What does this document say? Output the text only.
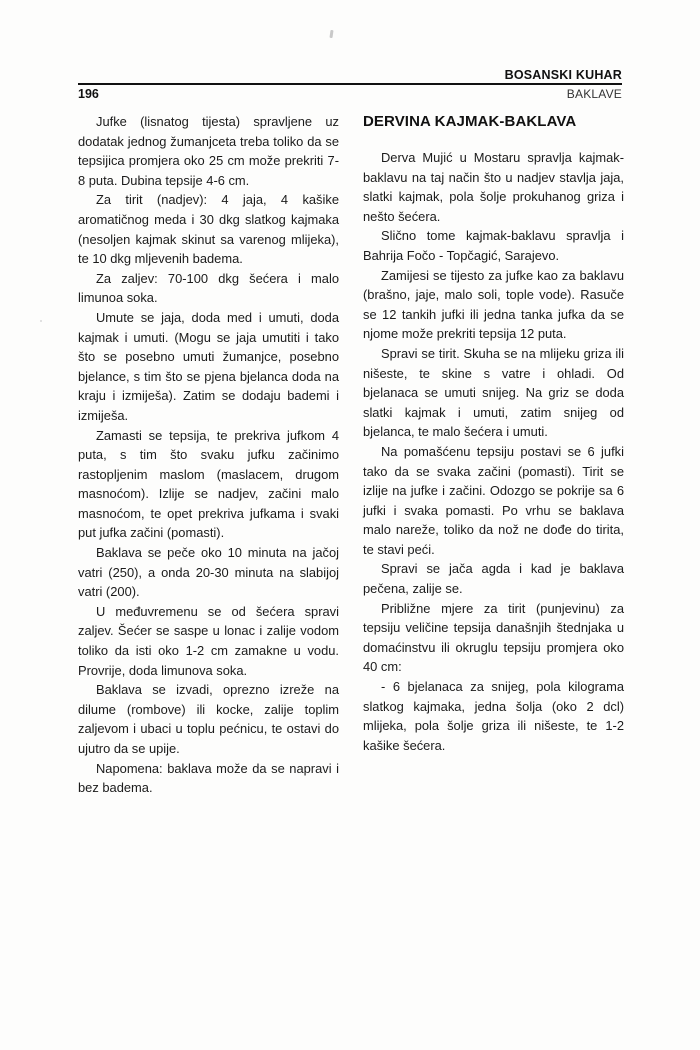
BOSANSKI KUHAR
196	BAKLAVE

Jufke (lisnatog tijesta) spravljene uz dodatak jednog žumanjceta treba toliko da se tepsijica promjera oko 25 cm može prekriti 7-8 puta. Dubina tepsije 4-6 cm.

Za tirit (nadjev): 4 jaja, 4 kašike aromatičnog meda i 30 dkg slatkog kajmaka (nesoljen kajmak skinut sa varenog mlijeka), te 10 dkg mljevenih badema.

Za zaljev: 70-100 dkg šećera i malo limunoa soka.

Umute se jaja, doda med i umuti, doda kajmak i umuti. (Mogu se jaja umutiti i tako što se posebno umuti žumanjce, posebno bjelance, s tim što se pjena bjelanca doda na kraju i izmiješa). Zatim se dodaju bademi i izmiješa.

Zamasti se tepsija, te prekriva jufkom 4 puta, s tim što svaku jufku začinimo rastopljenim maslom (maslacem, drugom masnoćom). Izlije se nadjev, začini malo masnoćom, te opet prekriva jufkama i svaki put jufka začini (pomasti).

Baklava se peče oko 10 minuta na jačoj vatri (250), a onda 20-30 minuta na slabijoj vatri (200).

U međuvremenu se od šećera spravi zaljev. Šećer se saspe u lonac i zalije vodom toliko da isti oko 1-2 cm zamakne u vodu. Provrije, doda limunova soka.

Baklava se izvadi, oprezno izreže na dilume (rombove) ili kocke, zalije toplim zaljevom i ubaci u toplu pećnicu, te ostavi do ujutro da se upije.

Napomena: baklava može da se napravi i bez badema.

DERVINA KAJMAK-BAKLAVA

Derva Mujić u Mostaru spravlja kajmak-baklavu na taj način što u nadjev stavlja jaja, slatki kajmak, pola šolje prokuhanog griza i nešto šećera.

Slično tome kajmak-baklavu spravlja i Bahrija Fočo - Topčagić, Sarajevo.

Zamijesi se tijesto za jufke kao za baklavu (brašno, jaje, malo soli, tople vode). Rasuče se 12 tankih jufki ili jedna tanka jufka da se njome može prekriti tepsija 12 puta.

Spravi se tirit. Skuha se na mlijeku griza ili nišeste, te skine s vatre i ohladi. Od bjelanaca se umuti snijeg. Na griz se doda slatki kajmak i umuti, zatim snijeg od bjelanca, te malo šećera i umuti.

Na pomašćenu tepsiju postavi se 6 jufki tako da se svaka začini (pomasti). Tirit se izlije na jufke i začini. Odozgo se pokrije sa 6 jufki i svaka pomasti. Po vrhu se baklava malo nareže, toliko da nož ne dođe do tirita, te stavi peći.

Spravi se jača agda i kad je baklava pečena, zalije se.

Približne mjere za tirit (punjevinu) za tepsiju veličine tepsija današnjih štednjaka u domaćinstvu ili okruglu tepsiju promjera oko 40 cm:

- 6 bjelanaca za snijeg, pola kilograma slatkog kajmaka, jedna šolja (oko 2 dcl) mlijeka, pola šolje griza ili nišeste, te 1-2 kašike šećera.
